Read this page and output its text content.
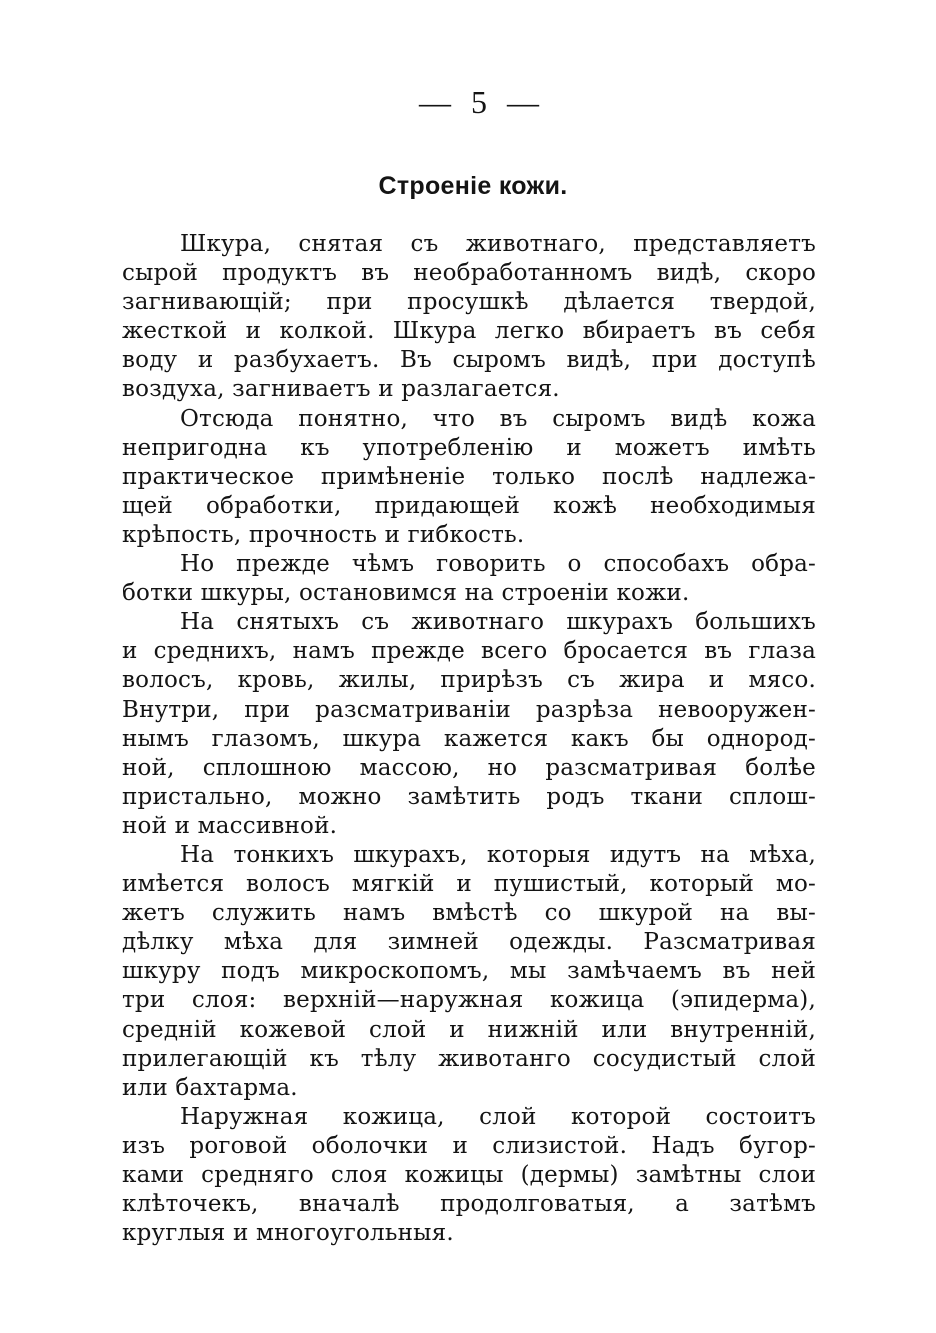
— 5 —
Строеніе кожи.
Шкура, снятая съ животнаго, представляетъ
сырой продуктъ въ необработанномъ видѣ, скоро
загнивающій; при просушкѣ дѣлается твердой,
жесткой и колкой. Шкура легко вбираетъ въ себя
воду и разбухаетъ. Въ сыромъ видѣ, при доступѣ
воздуха, загниваетъ и разлагается.
Отсюда понятно, что въ сыромъ видѣ кожа
непригодна къ употребленію и можетъ имѣть
практическое примѣненіе только послѣ надлежа-
щей обработки, придающей кожѣ необходимыя
крѣпость, прочность и гибкость.
Но прежде чѣмъ говорить о способахъ обра-
ботки шкуры, остановимся на строеніи кожи.
На снятыхъ съ животнаго шкурахъ большихъ
и среднихъ, намъ прежде всего бросается въ глаза
волосъ, кровь, жилы, прирѣзъ съ жира и мясо.
Внутри, при разсматриваніи разрѣза невооружен-
нымъ глазомъ, шкура кажется какъ бы однород-
ной, сплошною массою, но разсматривая болѣе
пристально, можно замѣтить родъ ткани сплош-
ной и массивной.
На тонкихъ шкурахъ, которыя идутъ на мѣха,
имѣется волосъ мягкій и пушистый, который мо-
жетъ служить намъ вмѣстѣ со шкурой на вы-
дѣлку мѣха для зимней одежды. Разсматривая
шкуру подъ микроскопомъ, мы замѣчаемъ въ ней
три слоя: верхній—наружная кожица (эпидерма),
средній кожевой слой и нижній или внутренній,
прилегающій къ тѣлу животанго сосудистый слой
или бахтарма.
Наружная кожица, слой которой состоитъ
изъ роговой оболочки и слизистой. Надъ бугор-
ками средняго слоя кожицы (дермы) замѣтны слои
клѣточекъ, вначалѣ продолговатыя, а затѣмъ
круглыя и многоугольныя.
